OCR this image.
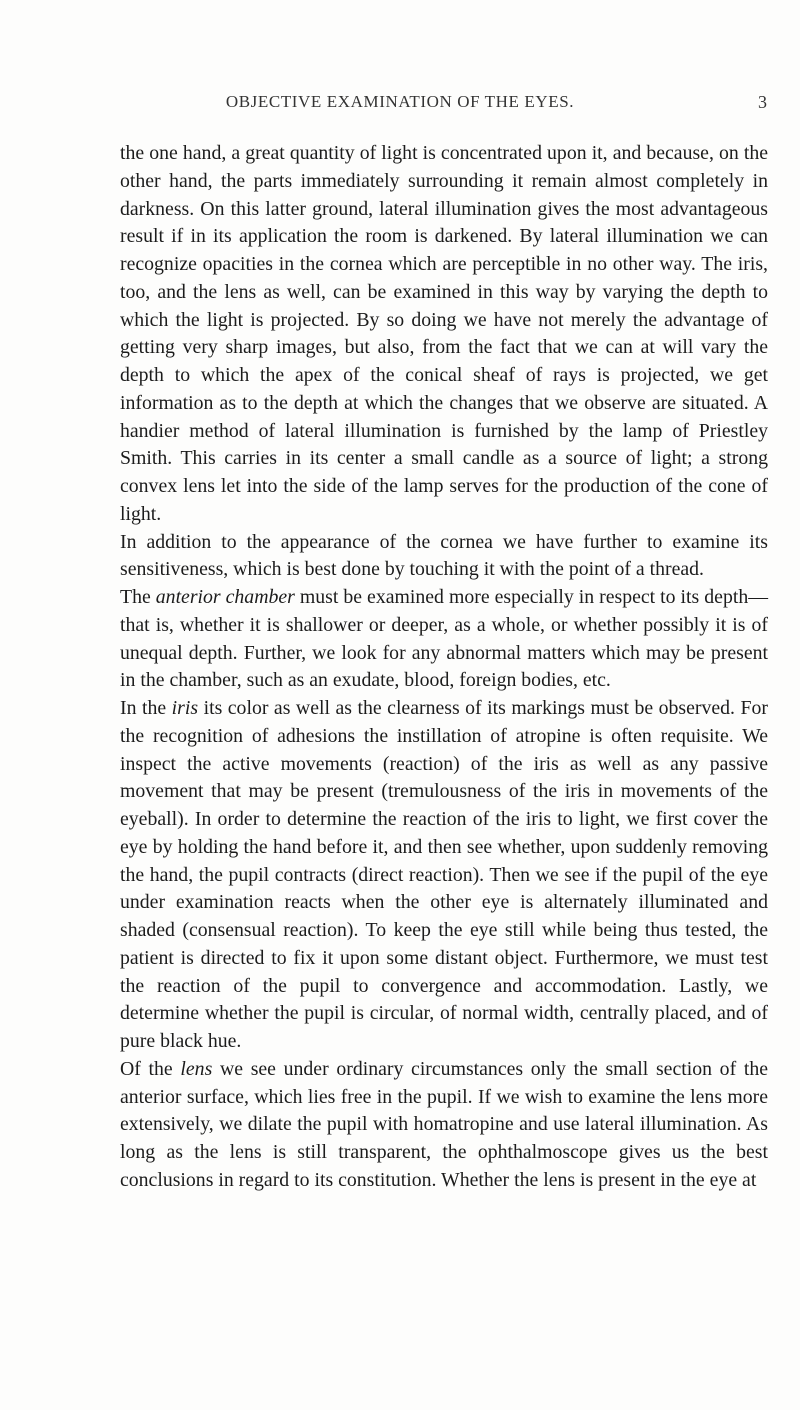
OBJECTIVE EXAMINATION OF THE EYES.	3

the one hand, a great quantity of light is concentrated upon it, and because, on the other hand, the parts immediately surrounding it remain almost completely in darkness. On this latter ground, lateral illumination gives the most advantageous result if in its application the room is darkened. By lateral illumination we can recognize opacities in the cornea which are perceptible in no other way. The iris, too, and the lens as well, can be examined in this way by varying the depth to which the light is projected. By so doing we have not merely the advantage of getting very sharp images, but also, from the fact that we can at will vary the depth to which the apex of the conical sheaf of rays is projected, we get information as to the depth at which the changes that we observe are situated. A handier method of lateral illumination is furnished by the lamp of Priestley Smith. This carries in its center a small candle as a source of light; a strong convex lens let into the side of the lamp serves for the production of the cone of light.

In addition to the appearance of the cornea we have further to examine its sensitiveness, which is best done by touching it with the point of a thread.

The anterior chamber must be examined more especially in respect to its depth—that is, whether it is shallower or deeper, as a whole, or whether possibly it is of unequal depth. Further, we look for any abnormal matters which may be present in the chamber, such as an exudate, blood, foreign bodies, etc.

In the iris its color as well as the clearness of its markings must be observed. For the recognition of adhesions the instillation of atropine is often requisite. We inspect the active movements (reaction) of the iris as well as any passive movement that may be present (tremulousness of the iris in movements of the eyeball). In order to determine the reaction of the iris to light, we first cover the eye by holding the hand before it, and then see whether, upon suddenly removing the hand, the pupil contracts (direct reaction). Then we see if the pupil of the eye under examination reacts when the other eye is alternately illuminated and shaded (consensual reaction). To keep the eye still while being thus tested, the patient is directed to fix it upon some distant object. Furthermore, we must test the reaction of the pupil to convergence and accommodation. Lastly, we determine whether the pupil is circular, of normal width, centrally placed, and of pure black hue.

Of the lens we see under ordinary circumstances only the small section of the anterior surface, which lies free in the pupil. If we wish to examine the lens more extensively, we dilate the pupil with homatropine and use lateral illumination. As long as the lens is still transparent, the ophthalmoscope gives us the best conclusions in regard to its constitution. Whether the lens is present in the eye at
